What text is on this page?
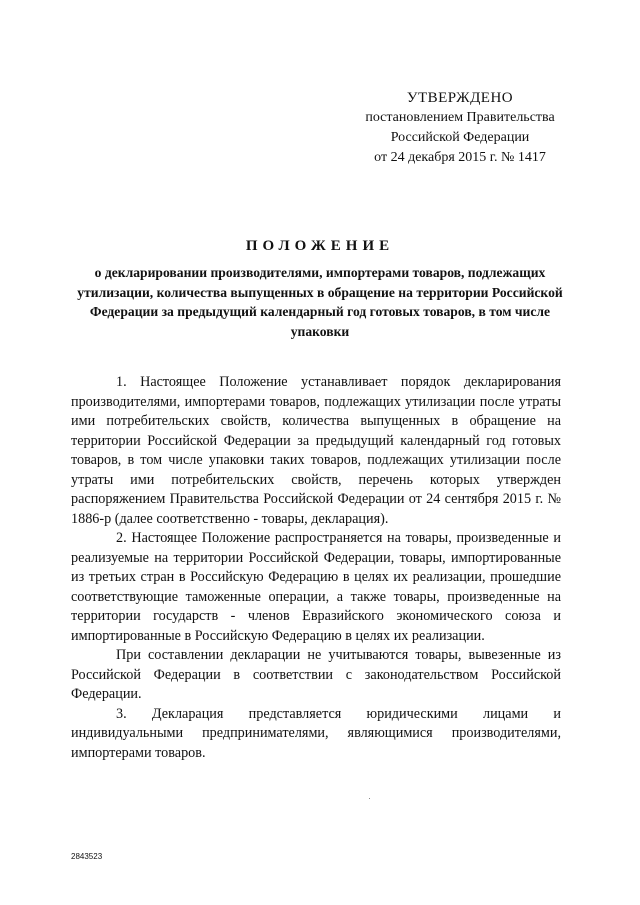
УТВЕРЖДЕНО
постановлением Правительства
Российской Федерации
от 24 декабря 2015 г. № 1417
ПОЛОЖЕНИЕ
о декларировании производителями, импортерами товаров, подлежащих утилизации, количества выпущенных в обращение на территории Российской Федерации за предыдущий календарный год готовых товаров, в том числе упаковки

1. Настоящее Положение устанавливает порядок декларирования производителями, импортерами товаров, подлежащих утилизации после утраты ими потребительских свойств, количества выпущенных в обращение на территории Российской Федерации за предыдущий календарный год готовых товаров, в том числе упаковки таких товаров, подлежащих утилизации после утраты ими потребительских свойств, перечень которых утвержден распоряжением Правительства Российской Федерации от 24 сентября 2015 г. № 1886-р (далее соответственно - товары, декларация).

2. Настоящее Положение распространяется на товары, произведенные и реализуемые на территории Российской Федерации, товары, импортированные из третьих стран в Российскую Федерацию в целях их реализации, прошедшие соответствующие таможенные операции, а также товары, произведенные на территории государств - членов Евразийского экономического союза и импортированные в Российскую Федерацию в целях их реализации.

При составлении декларации не учитываются товары, вывезенные из Российской Федерации в соответствии с законодательством Российской Федерации.

3. Декларация представляется юридическими лицами и индивидуальными предпринимателями, являющимися производителями, импортерами товаров.

2843523
